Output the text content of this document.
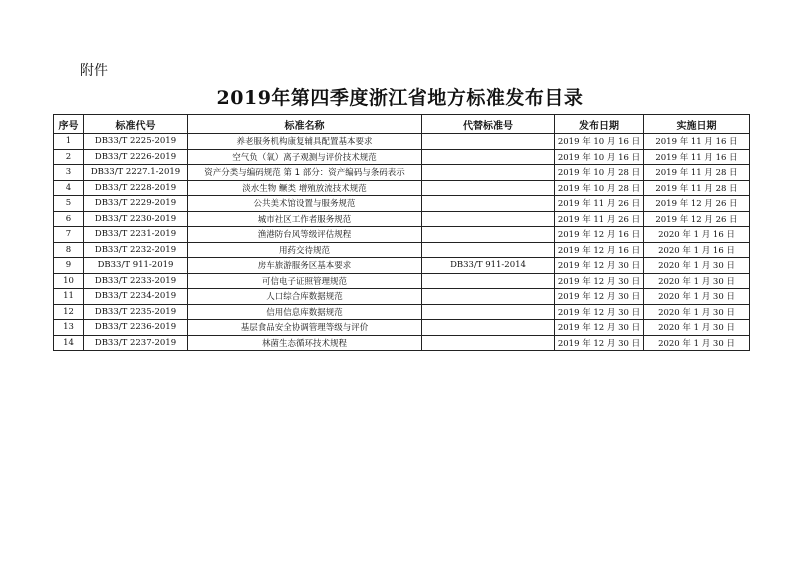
附件
2019年第四季度浙江省地方标准发布目录
序号	标准代号	标准名称	代替标准号	发布日期	实施日期
1	DB33/T 2225-2019	养老服务机构康复辅具配置基本要求		2019 年 10 月 16 日	2019 年 11 月 16 日
2	DB33/T 2226-2019	空气负（氧）离子观测与评价技术规范		2019 年 10 月 16 日	2019 年 11 月 16 日
3	DB33/T 2227.1-2019	资产分类与编码规范 第 1 部分：资产编码与条码表示		2019 年 10 月 28 日	2019 年 11 月 28 日
4	DB33/T 2228-2019	淡水生物 鳜类 增殖放流技术规范		2019 年 10 月 28 日	2019 年 11 月 28 日
5	DB33/T 2229-2019	公共美术馆设置与服务规范		2019 年 11 月 26 日	2019 年 12 月 26 日
6	DB33/T 2230-2019	城市社区工作者服务规范		2019 年 11 月 26 日	2019 年 12 月 26 日
7	DB33/T 2231-2019	渔港防台风等级评估规程		2019 年 12 月 16 日	2020 年 1 月 16 日
8	DB33/T 2232-2019	用药交待规范		2019 年 12 月 16 日	2020 年 1 月 16 日
9	DB33/T 911-2019	房车旅游服务区基本要求	DB33/T 911-2014	2019 年 12 月 30 日	2020 年 1 月 30 日
10	DB33/T 2233-2019	可信电子证照管理规范		2019 年 12 月 30 日	2020 年 1 月 30 日
11	DB33/T 2234-2019	人口综合库数据规范		2019 年 12 月 30 日	2020 年 1 月 30 日
12	DB33/T 2235-2019	信用信息库数据规范		2019 年 12 月 30 日	2020 年 1 月 30 日
13	DB33/T 2236-2019	基层食品安全协调管理等级与评价		2019 年 12 月 30 日	2020 年 1 月 30 日
14	DB33/T 2237-2019	林菌生态循环技术规程		2019 年 12 月 30 日	2020 年 1 月 30 日
